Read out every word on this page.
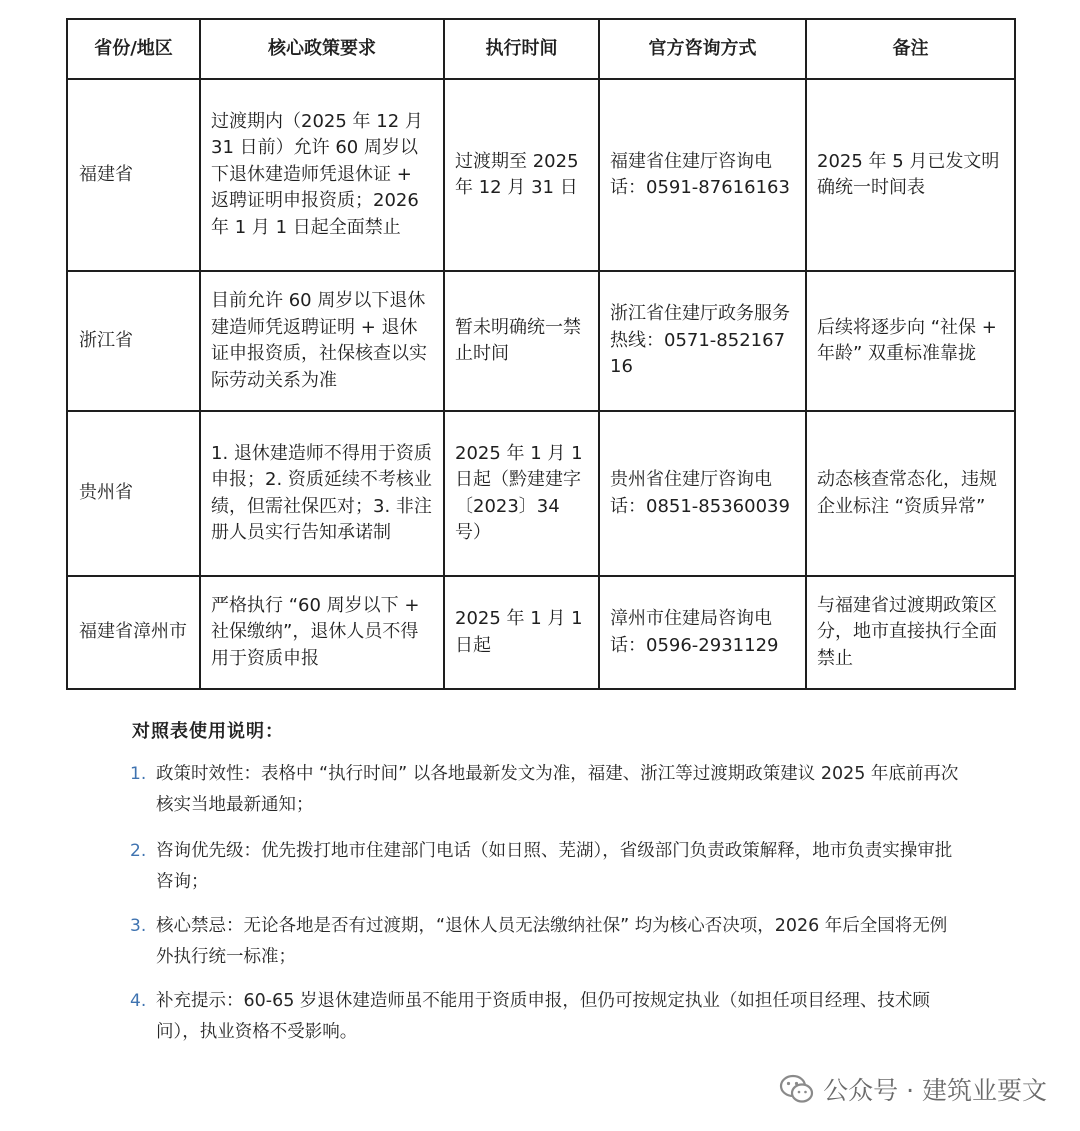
省份/地区	核心政策要求	执行时间	官方咨询方式	备注
福建省	过渡期内（2025 年 12 月 31 日前）允许 60 周岁以下退休建造师凭退休证 + 返聘证明申报资质；2026 年 1 月 1 日起全面禁止	过渡期至 2025 年 12 月 31 日	福建省住建厅咨询电话：0591-87616163	2025 年 5 月已发文明确统一时间表
浙江省	目前允许 60 周岁以下退休建造师凭返聘证明 + 退休证申报资质，社保核查以实际劳动关系为准	暂未明确统一禁止时间	浙江省住建厅政务服务热线：0571-85216716	后续将逐步向 “社保 + 年龄” 双重标准靠拢
贵州省	1. 退休建造师不得用于资质申报；2. 资质延续不考核业绩，但需社保匹对；3. 非注册人员实行告知承诺制	2025 年 1 月 1 日起（黔建建字〔2023〕34 号）	贵州省住建厅咨询电话：0851-85360039	动态核查常态化，违规企业标注 “资质异常”
福建省漳州市	严格执行 “60 周岁以下 + 社保缴纳”，退休人员不得用于资质申报	2025 年 1 月 1 日起	漳州市住建局咨询电话：0596-2931129	与福建省过渡期政策区分，地市直接执行全面禁止
对照表使用说明：
1. 政策时效性：表格中 “执行时间” 以各地最新发文为准，福建、浙江等过渡期政策建议 2025 年底前再次核实当地最新通知；
2. 咨询优先级：优先拨打地市住建部门电话（如日照、芜湖），省级部门负责政策解释，地市负责实操审批咨询；
3. 核心禁忌：无论各地是否有过渡期，“退休人员无法缴纳社保” 均为核心否决项，2026 年后全国将无例外执行统一标准；
4. 补充提示：60-65 岁退休建造师虽不能用于资质申报，但仍可按规定执业（如担任项目经理、技术顾问），执业资格不受影响。
公众号 · 建筑业要文
